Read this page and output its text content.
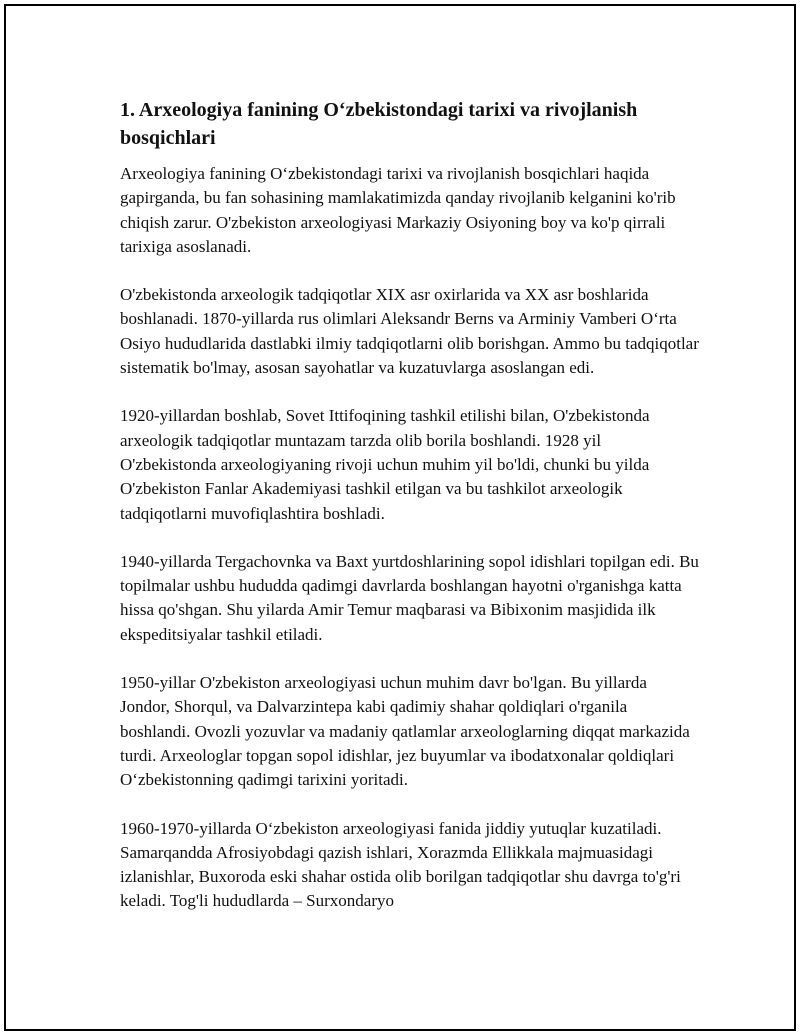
1. Arxeologiya fanining O‘zbekistondagi tarixi va rivojlanish bosqichlari

Arxeologiya fanining O‘zbekistondagi tarixi va rivojlanish bosqichlari haqida gapirganda, bu fan sohasining mamlakatimizda qanday rivojlanib kelganini ko'rib chiqish zarur. O'zbekiston arxeologiyasi Markaziy Osiyoning boy va ko'p qirrali tarixiga asoslanadi.

O'zbekistonda arxeologik tadqiqotlar XIX asr oxirlarida va XX asr boshlarida boshlanadi. 1870-yillarda rus olimlari Aleksandr Berns va Arminiy Vamberi O‘rta Osiyo hududlarida dastlabki ilmiy tadqiqotlarni olib borishgan. Ammo bu tadqiqotlar sistematik bo'lmay, asosan sayohatlar va kuzatuvlarga asoslangan edi.

1920-yillardan boshlab, Sovet Ittifoqining tashkil etilishi bilan, O'zbekistonda arxeologik tadqiqotlar muntazam tarzda olib borila boshlandi. 1928 yil O'zbekistonda arxeologiyaning rivoji uchun muhim yil bo'ldi, chunki bu yilda O'zbekiston Fanlar Akademiyasi tashkil etilgan va bu tashkilot arxeologik tadqiqotlarni muvofiqlashtira boshladi.

1940-yillarda Tergachovnka va Baxt yurtdoshlarining sopol idishlari topilgan edi. Bu topilmalar ushbu hududda qadimgi davrlarda boshlangan hayotni o'rganishga katta hissa qo'shgan. Shu yilarda Amir Temur maqbarasi va Bibixonim masjidida ilk ekspeditsiyalar tashkil etiladi.

1950-yillar O'zbekiston arxeologiyasi uchun muhim davr bo'lgan. Bu yillarda Jondor, Shorqul, va Dalvarzintepa kabi qadimiy shahar qoldiqlari o'rganila boshlandi. Ovozli yozuvlar va madaniy qatlamlar arxeologlarning diqqat markazida turdi. Arxeologlar topgan sopol idishlar, jez buyumlar va ibodatxonalar qoldiqlari O‘zbekistonning qadimgi tarixini yoritadi.

1960-1970-yillarda O‘zbekiston arxeologiyasi fanida jiddiy yutuqlar kuzatiladi. Samarqandda Afrosiyobdagi qazish ishlari, Xorazmda Ellikkala majmuasidagi izlanishlar, Buxoroda eski shahar ostida olib borilgan tadqiqotlar shu davrga to'g'ri keladi. Tog'li hududlarda – Surxondaryo
